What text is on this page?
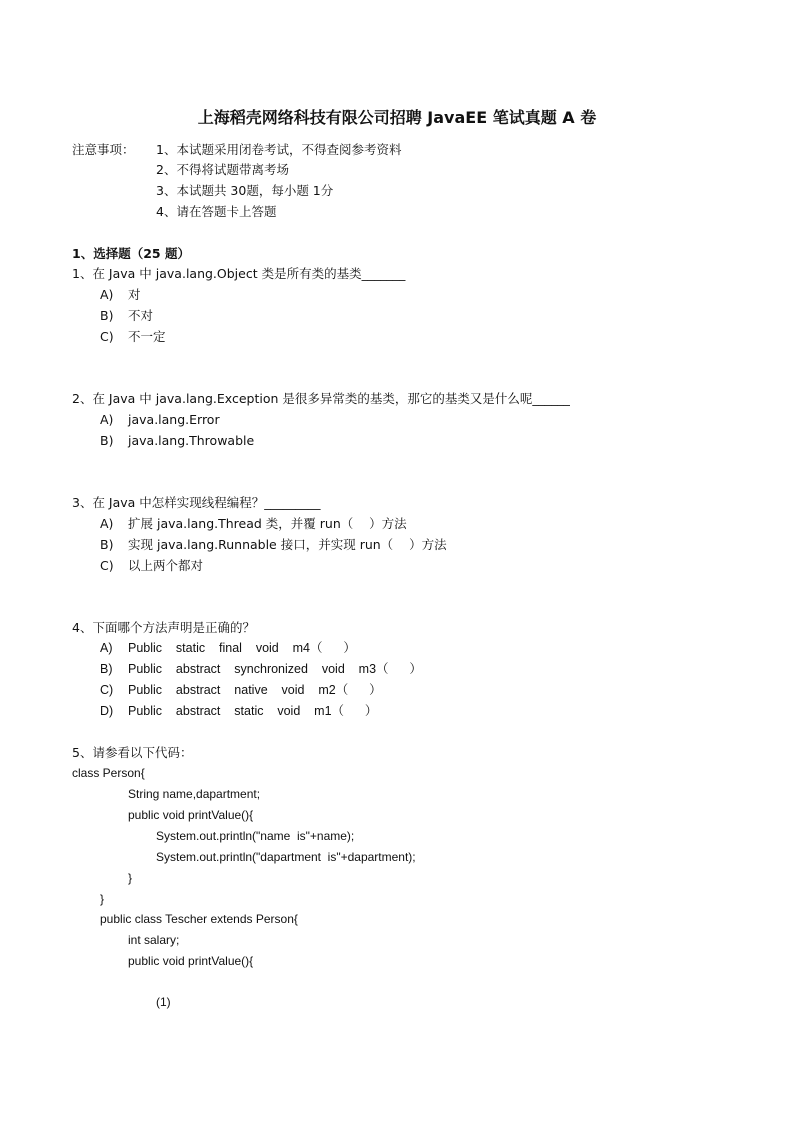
上海稻壳网络科技有限公司招聘 JavaEE 笔试真题 A 卷
注意事项： 1、本试题采用闭卷考试，不得查阅参考资料
2、不得将试题带离考场
3、本试题共 30题，每小题 1分
4、请在答题卡上答题
1、选择题（25 题）
1、在 Java 中 java.lang.Object 类是所有类的基类_______
A) 对
B) 不对
C) 不一定
2、在 Java 中 java.lang.Exception 是很多异常类的基类，那它的基类又是什么呢______
A) java.lang.Error
B) java.lang.Throwable
3、在 Java 中怎样实现线程编程？_________
A) 扩展 java.lang.Thread 类，并覆 run（    ）方法
B) 实现 java.lang.Runnable 接口，并实现 run（    ）方法
C) 以上两个都对
4、下面哪个方法声明是正确的？
A) Public    static    final    void    m4（      ）
B) Public    abstract    synchronized    void    m3（      ）
C) Public    abstract    native    void    m2（      ）
D) Public    abstract    static    void    m1（      ）
5、请参看以下代码：
class Person{
String name,dapartment;
public void printValue(){
System.out.println("name  is"+name);
System.out.println("dapartment  is"+dapartment);
}
}
public class Tescher extends Person{
int salary;
public void printValue(){
(1)
